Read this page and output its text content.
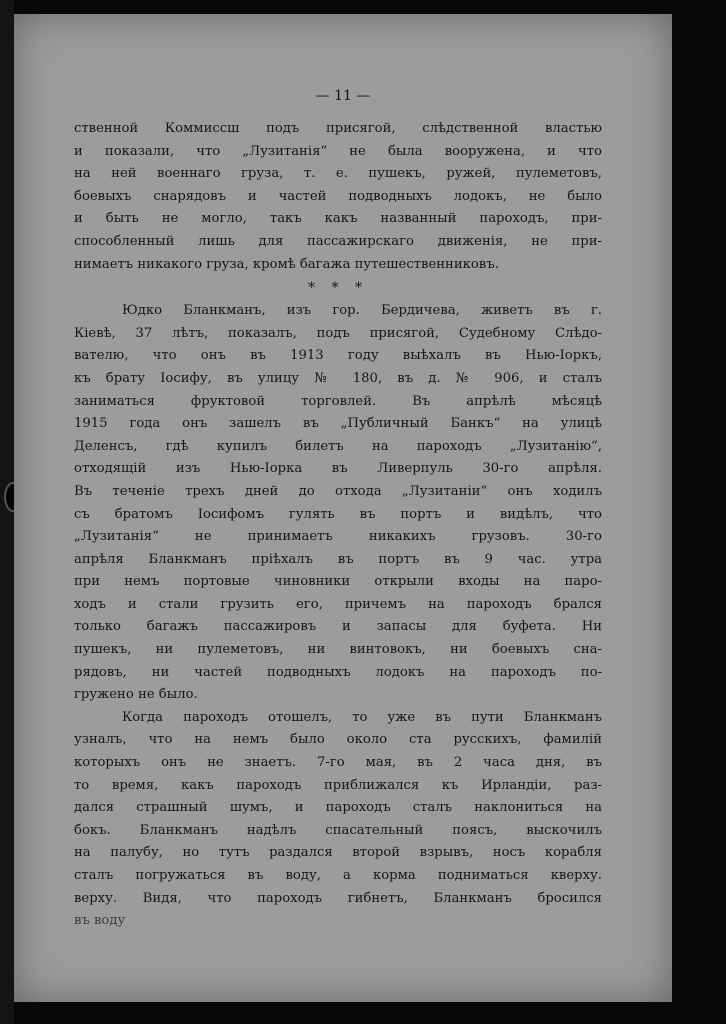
— 11 —
ственной Коммиссш подъ присягой, слѣдственной властью
и показали, что „Лузитанiя“ не была вооружена, и что
на ней военнаго груза, т. е. пушекъ, ружей, пулеметовъ,
боевыхъ снарядовъ и частей подводныхъ лодокъ, не было
и быть не могло, такъ какъ названный пароходъ, при-
способленный лишь для пассажирскаго движенiя, не при-
нимаетъ никакого груза, кромѣ багажа путешественниковъ.
* * *
Юдко Бланкманъ, изъ гор. Бердичева, живетъ въ г.
Кiевѣ, 37 лѣтъ, показалъ, подъ присягой, Судебному Слѣдо-
вателю, что онъ въ 1913 году выѣхалъ въ Нью-Iоркъ,
къ брату Iосифу, въ улицу № 180, въ д. № 906, и сталъ
заниматься фруктовой торговлей. Въ апрѣлѣ мѣсяцѣ
1915 года онъ зашелъ въ „Публичный Банкъ“ на улицѣ
Деленсъ, гдѣ купилъ билетъ на пароходъ „Лузитанiю“,
отходящiй изъ Нью-Iорка въ Ливерпуль 30-го апрѣля.
Въ теченiе трехъ дней до отхода „Лузитанiи“ онъ ходилъ
съ братомъ Iосифомъ гулять въ портъ и видѣлъ, что
„Лузитанiя“ не принимаетъ никакихъ грузовъ. 30-го
апрѣля Бланкманъ прiѣхалъ въ портъ въ 9 час. утра
при немъ портовые чиновники открыли входы на паро-
ходъ и стали грузить его, причемъ на пароходъ брался
только багажъ пассажировъ и запасы для буфета. Ни
пушекъ, ни пулеметовъ, ни винтовокъ, ни боевыхъ сна-
рядовъ, ни частей подводныхъ лодокъ на пароходъ по-
гружено не было.
Когда пароходъ отошелъ, то уже въ пути Бланкманъ
узналъ, что на немъ было около ста русскихъ, фамилiй
которыхъ онъ не знаетъ. 7-го мая, въ 2 часа дня, въ
то время, какъ пароходъ приближался къ Ирландiи, раз-
дался страшный шумъ, и пароходъ сталъ наклониться на
бокъ. Бланкманъ надѣлъ спасательный поясъ, выскочилъ
на палубу, но тутъ раздался второй взрывъ, носъ корабля
сталъ погружаться въ воду, а корма подниматься кверху.
верху. Видя, что пароходъ гибнетъ, Бланкманъ бросился
въ воду
